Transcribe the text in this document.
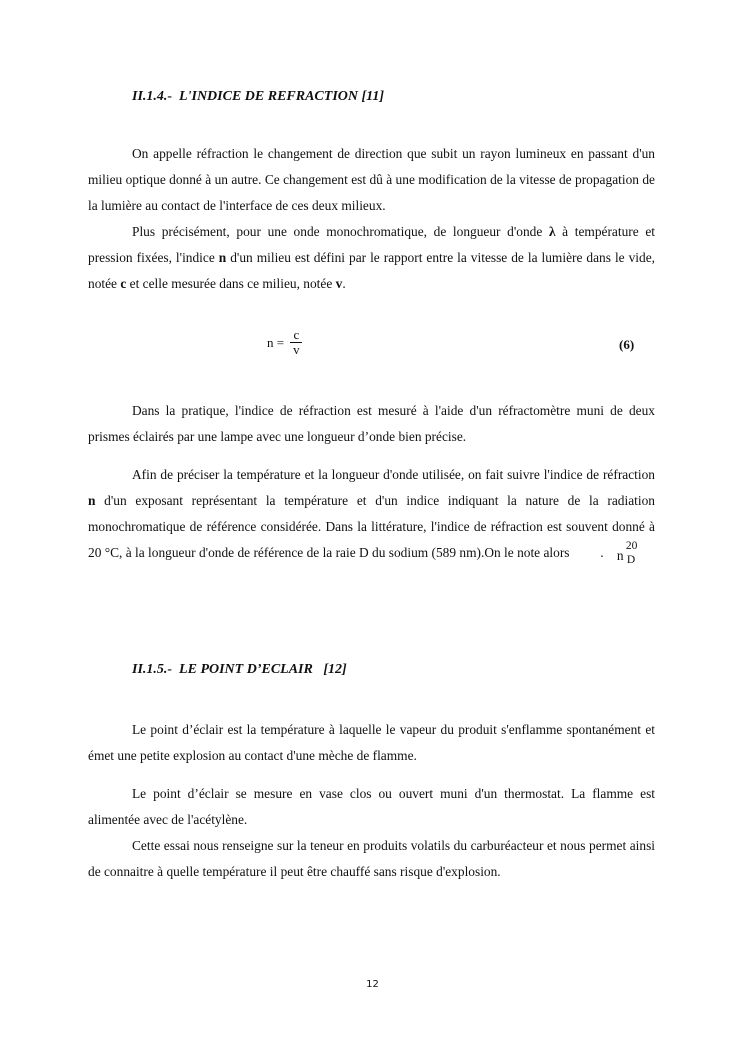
II.1.4.-  L'INDICE DE REFRACTION [11]

On appelle réfraction le changement de direction que subit un rayon lumineux en passant d'un milieu optique donné à un autre. Ce changement est dû à une modification de la vitesse de propagation de la lumière au contact de l'interface de ces deux milieux.

Plus précisément, pour une onde monochromatique, de longueur d'onde λ à température et pression fixées, l'indice n d'un milieu est défini par le rapport entre la vitesse de la lumière dans le vide, notée c et celle mesurée dans ce milieu, notée v.

$n = \frac{c}{v}$	(6)

Dans la pratique, l'indice de réfraction est mesuré à l'aide d'un réfractomètre muni de deux prismes éclairés par une lampe avec une longueur d’onde bien précise.

Afin de préciser la température et la longueur d'onde utilisée, on fait suivre l'indice de réfraction n d'un exposant représentant la température et d'un indice indiquant la nature de la radiation monochromatique de référence considérée. Dans la littérature, l'indice de réfraction est souvent donné à 20 °C, à la longueur d'onde de référence de la raie D du sodium (589 nm).On le note alors	n
20
D
.

II.1.5.-  LE POINT D’ECLAIR   [12]

Le point d’éclair est la température à laquelle le vapeur du produit s'enflamme spontanément et émet une petite explosion au contact d'une mèche de flamme.

Le point d’éclair se mesure en vase clos ou ouvert muni d'un thermostat. La flamme est alimentée avec de l'acétylène.

Cette essai nous renseigne sur la teneur en produits volatils du carburéacteur et nous permet ainsi de connaitre à quelle température il peut être chauffé sans risque d'explosion.

12
